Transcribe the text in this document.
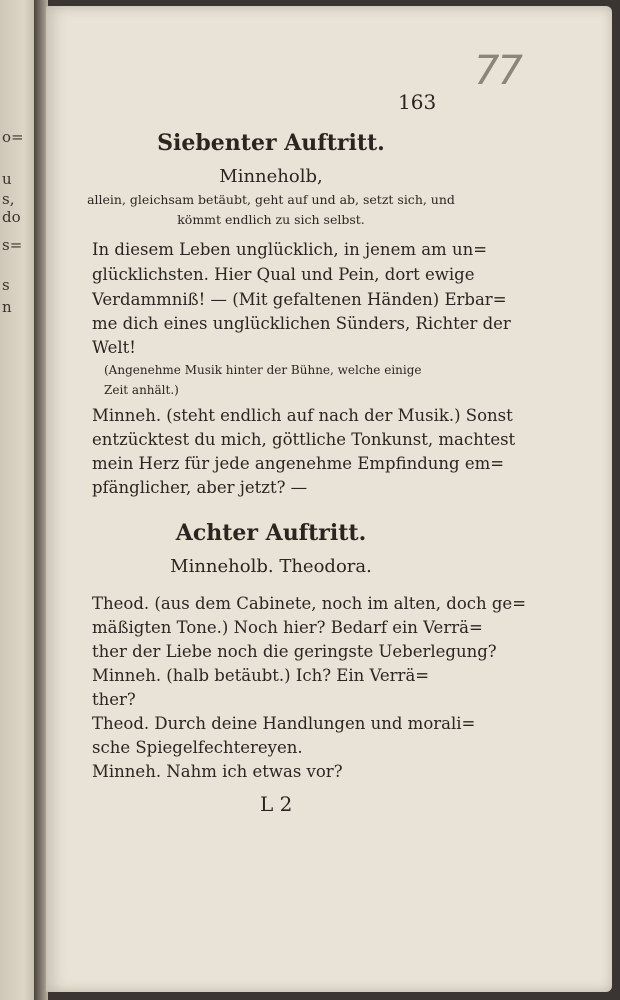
o=
u
s,
do
s=
s
n
163
77
Siebenter Auftritt.
Minneholb,
allein, gleichsam betäubt, geht auf und ab, setzt sich, und
kömmt endlich zu sich selbst.
In diesem Leben unglücklich, in jenem am un=
glücklichsten. Hier Qual und Pein, dort ewige
Verdammniß! — (Mit gefaltenen Händen) Erbar=
me dich eines unglücklichen Sünders, Richter der
Welt!
(Angenehme Musik hinter der Bühne, welche einige
Zeit anhält.)
Minneh. (steht endlich auf nach der Musik.) Sonst
entzücktest du mich, göttliche Tonkunst, machtest
mein Herz für jede angenehme Empfindung em=
pfänglicher, aber jetzt? —
Achter Auftritt.
Minneholb. Theodora.
Theod. (aus dem Cabinete, noch im alten, doch ge=
mäßigten Tone.) Noch hier? Bedarf ein Verrä=
ther der Liebe noch die geringste Ueberlegung?
Minneh. (halb betäubt.) Ich? Ein Verrä=
ther?
Theod. Durch deine Handlungen und morali=
sche Spiegelfechtereyen.
Minneh. Nahm ich etwas vor?
L 2
